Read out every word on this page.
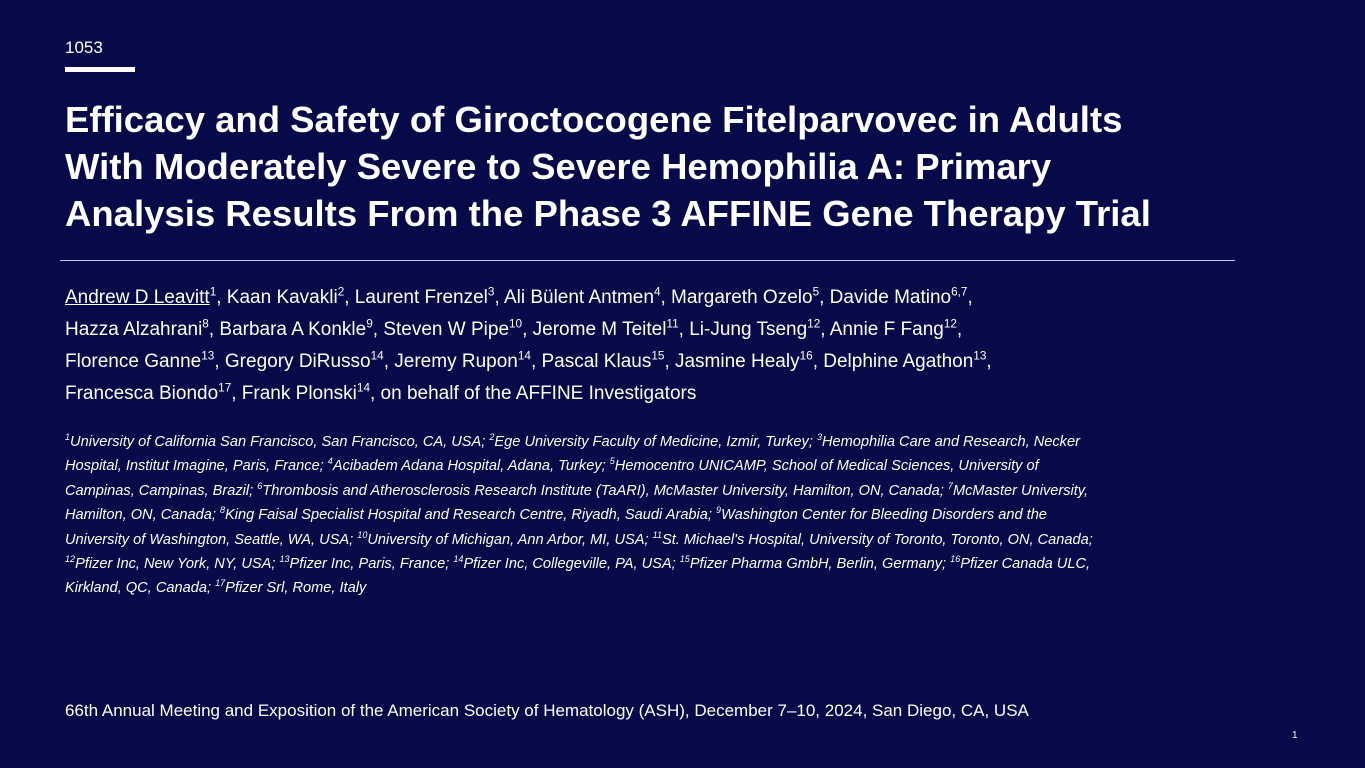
1053
Efficacy and Safety of Giroctocogene Fitelparvovec in Adults
With Moderately Severe to Severe Hemophilia A: Primary
Analysis Results From the Phase 3 AFFINE Gene Therapy Trial
Andrew D Leavitt$^1$, Kaan Kavakli$^2$, Laurent Frenzel$^3$, Ali Bülent Antmen$^4$, Margareth Ozelo$^5$, Davide Matino$^{6,7}$,
Hazza Alzahrani$^8$, Barbara A Konkle$^9$, Steven W Pipe$^{10}$, Jerome M Teitel$^{11}$, Li-Jung Tseng$^{12}$, Annie F Fang$^{12}$,
Florence Ganne$^{13}$, Gregory DiRusso$^{14}$, Jeremy Rupon$^{14}$, Pascal Klaus$^{15}$, Jasmine Healy$^{16}$, Delphine Agathon$^{13}$,
Francesca Biondo$^{17}$, Frank Plonski$^{14}$, on behalf of the AFFINE Investigators
$^1$University of California San Francisco, San Francisco, CA, USA; $^2$Ege University Faculty of Medicine, Izmir, Turkey; $^3$Hemophilia Care and Research, Necker
Hospital, Institut Imagine, Paris, France; $^4$Acibadem Adana Hospital, Adana, Turkey; $^5$Hemocentro UNICAMP, School of Medical Sciences, University of
Campinas, Campinas, Brazil; $^6$Thrombosis and Atherosclerosis Research Institute (TaARI), McMaster University, Hamilton, ON, Canada; $^7$McMaster University,
Hamilton, ON, Canada; $^8$King Faisal Specialist Hospital and Research Centre, Riyadh, Saudi Arabia; $^9$Washington Center for Bleeding Disorders and the
University of Washington, Seattle, WA, USA; $^{10}$University of Michigan, Ann Arbor, MI, USA; $^{11}$St. Michael's Hospital, University of Toronto, Toronto, ON, Canada;
$^{12}$Pfizer Inc, New York, NY, USA; $^{13}$Pfizer Inc, Paris, France; $^{14}$Pfizer Inc, Collegeville, PA, USA; $^{15}$Pfizer Pharma GmbH, Berlin, Germany; $^{16}$Pfizer Canada ULC,
Kirkland, QC, Canada; $^{17}$Pfizer Srl, Rome, Italy
66th Annual Meeting and Exposition of the American Society of Hematology (ASH), December 7–10, 2024, San Diego, CA, USA
1
